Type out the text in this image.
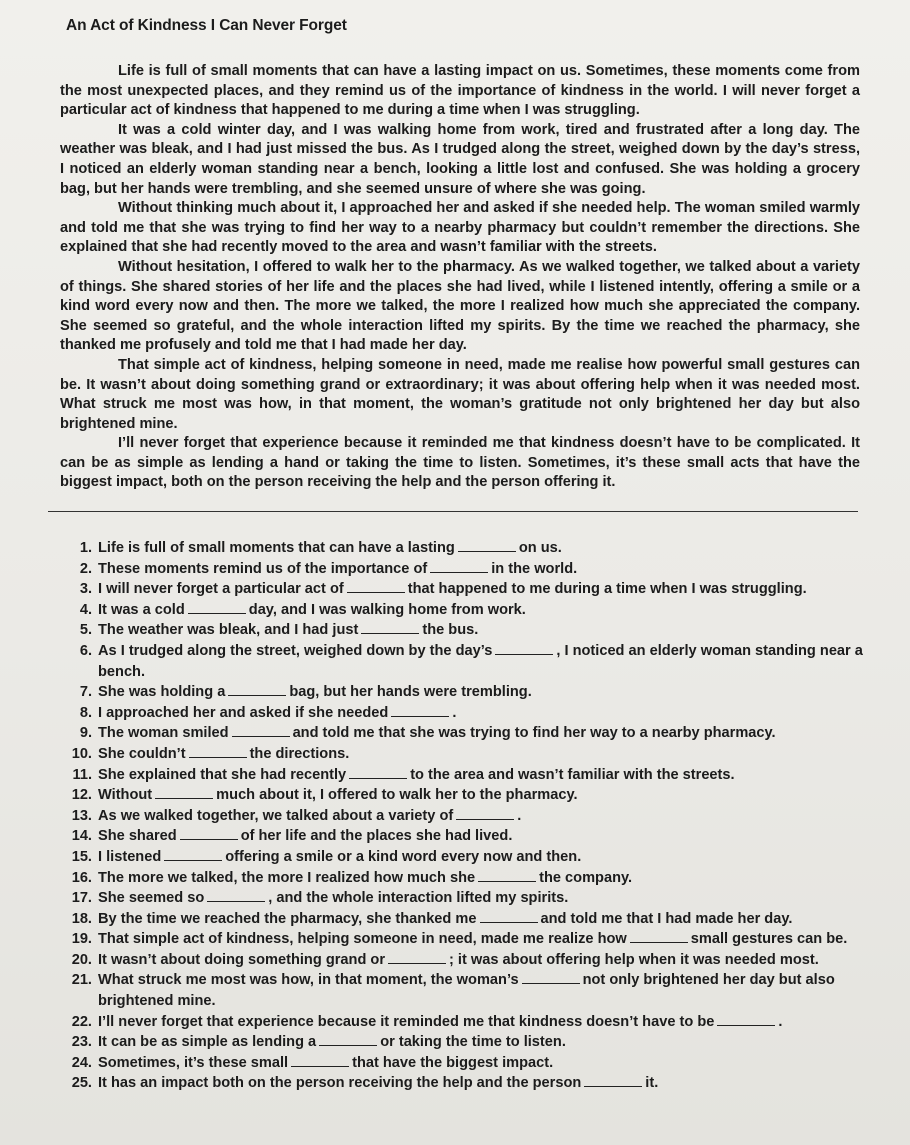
An Act of Kindness I Can Never Forget

Life is full of small moments that can have a lasting impact on us. Sometimes, these moments come from the most unexpected places, and they remind us of the importance of kindness in the world. I will never forget a particular act of kindness that happened to me during a time when I was struggling.

It was a cold winter day, and I was walking home from work, tired and frustrated after a long day. The weather was bleak, and I had just missed the bus. As I trudged along the street, weighed down by the day’s stress, I noticed an elderly woman standing near a bench, looking a little lost and confused. She was holding a grocery bag, but her hands were trembling, and she seemed unsure of where she was going.

Without thinking much about it, I approached her and asked if she needed help. The woman smiled warmly and told me that she was trying to find her way to a nearby pharmacy but couldn’t remember the directions. She explained that she had recently moved to the area and wasn’t familiar with the streets.

Without hesitation, I offered to walk her to the pharmacy. As we walked together, we talked about a variety of things. She shared stories of her life and the places she had lived, while I listened intently, offering a smile or a kind word every now and then. The more we talked, the more I realized how much she appreciated the company. She seemed so grateful, and the whole interaction lifted my spirits. By the time we reached the pharmacy, she thanked me profusely and told me that I had made her day.

That simple act of kindness, helping someone in need, made me realise how powerful small gestures can be. It wasn’t about doing something grand or extraordinary; it was about offering help when it was needed most. What struck me most was how, in that moment, the woman’s gratitude not only brightened her day but also brightened mine.

I’ll never forget that experience because it reminded me that kindness doesn’t have to be complicated. It can be as simple as lending a hand or taking the time to listen. Sometimes, it’s these small acts that have the biggest impact, both on the person receiving the help and the person offering it.

1. Life is full of small moments that can have a lasting	on us.
2. These moments remind us of the importance of	in the world.
3. I will never forget a particular act of	that happened to me during a time when I was struggling.
4. It was a cold	day, and I was walking home from work.
5. The weather was bleak, and I had just	the bus.
6. As I trudged along the street, weighed down by the day’s	, I noticed an elderly woman standing near a bench.
7. She was holding a	bag, but her hands were trembling.
8. I approached her and asked if she needed	.
9. The woman smiled	and told me that she was trying to find her way to a nearby pharmacy.
10. She couldn’t	the directions.
11. She explained that she had recently	to the area and wasn’t familiar with the streets.
12. Without	much about it, I offered to walk her to the pharmacy.
13. As we walked together, we talked about a variety of	.
14. She shared	of her life and the places she had lived.
15. I listened	offering a smile or a kind word every now and then.
16. The more we talked, the more I realized how much she	the company.
17. She seemed so	, and the whole interaction lifted my spirits.
18. By the time we reached the pharmacy, she thanked me	and told me that I had made her day.
19. That simple act of kindness, helping someone in need, made me realize how	small gestures can be.
20. It wasn’t about doing something grand or	; it was about offering help when it was needed most.
21. What struck me most was how, in that moment, the woman’s	not only brightened her day but also brightened mine.
22. I’ll never forget that experience because it reminded me that kindness doesn’t have to be	.
23. It can be as simple as lending a	or taking the time to listen.
24. Sometimes, it’s these small	that have the biggest impact.
25. It has an impact both on the person receiving the help and the person	it.
